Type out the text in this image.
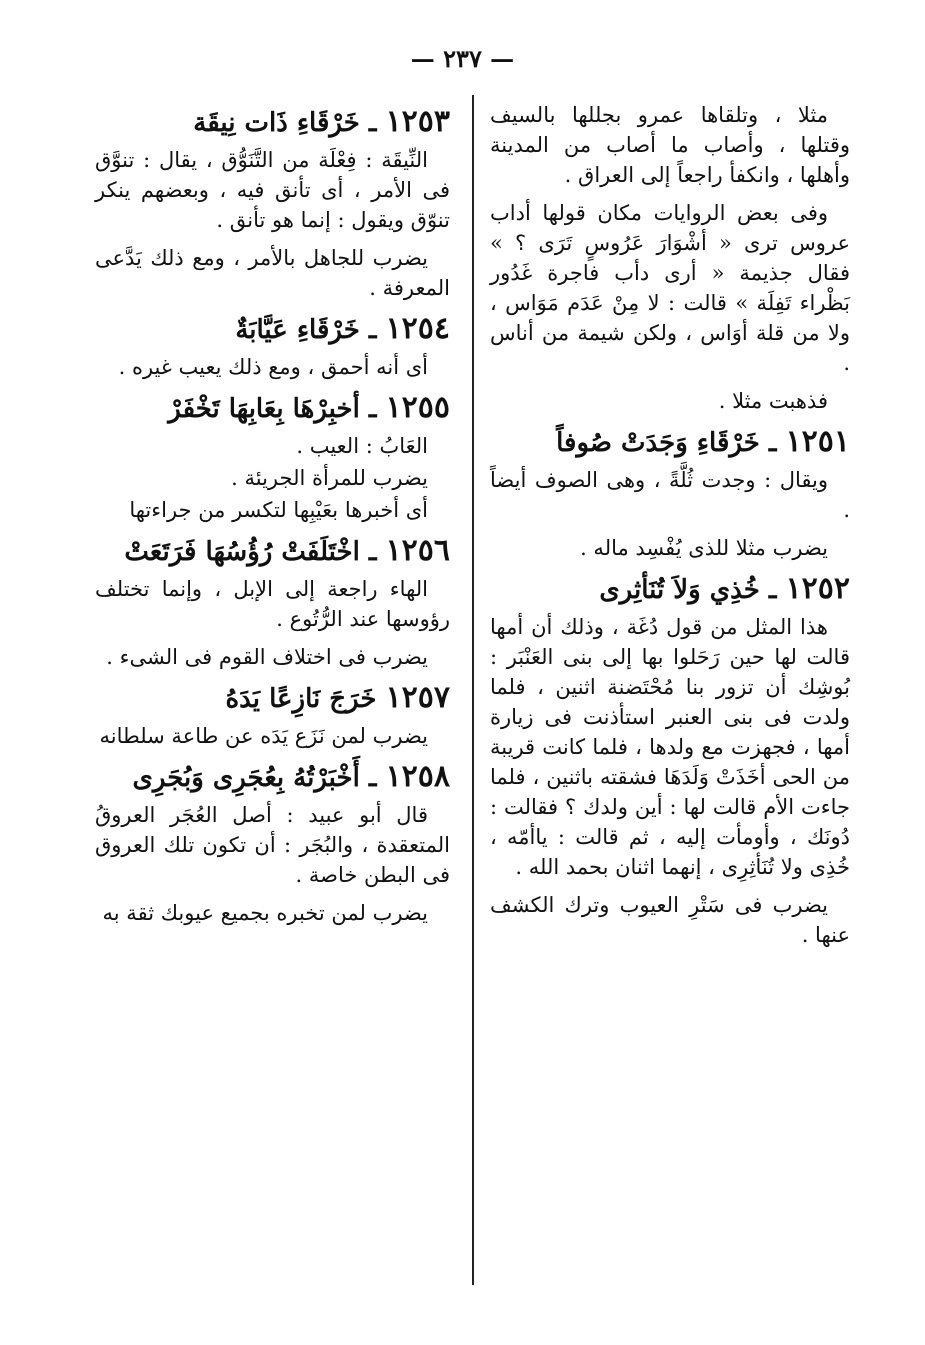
— ٢٣٧ —

مثلا ، وتلقاها عمرو بجللها بالسيف وقتلها ، وأصاب ما أصاب من المدينة وأهلها ، وانكفأ راجعاً إلى العراق .

وفى بعض الروايات مكان قولها أداب عروس ترى « أشْوَارَ عَرُوسٍ تَرَى ؟ » فقال جذيمة « أرى دأب فاجرة غَدُور بَظْراء تَفِلَة » قالت : لا مِنْ عَدَم مَوَاس ، ولا من قلة أوَاس ، ولكن شيمة من أناس .

فذهبت مثلا .

١٢٥١ ـ خَرْقَاءِ وَجَدَتْ صُوفاً

ويقال : وجدت ثُلَّةً ، وهى الصوف أيضاً .

يضرب مثلا للذى يُفْسِد ماله .

١٢٥٢ ـ خُذِي وَلاَ تُنَأثِرى

هذا المثل من قول دُغَة ، وذلك أن أمها قالت لها حين رَحَلوا بها إلى بنى العَنْبَر : بُوشِك أن تزور بنا مُحْتَضنة اثنين ، فلما ولدت فى بنى العنبر استأذنت فى زيارة أمها ، فجهزت مع ولدها ، فلما كانت قريبة من الحى أخَذَتْ وَلَدَهَا فشقته باثنين ، فلما جاءت الأم قالت لها : أين ولدك ؟ فقالت : دُونَك ، وأومأت إليه ، ثم قالت : ياأمّه ، خُذِى ولا تُنَأثِرِى ، إنهما اثنان بحمد الله .

يضرب فى سَتْرِ العيوب وترك الكشف عنها .

١٢٥٣ ـ خَرْقَاءِ ذَات نِيقَة

النِّيقَة : فِعْلَة من التَّنَوُّق ، يقال : تنوَّق فى الأمر ، أى تأنق فيه ، وبعضهم ينكر تنوّق ويقول : إنما هو تأنق .

يضرب للجاهل بالأمر ، ومع ذلك يَدَّعى المعرفة .

١٢٥٤ ـ خَرْقَاءِ عَيَّابَةٌ

أى أنه أحمق ، ومع ذلك يعيب غيره .

١٢٥٥ ـ أخبِرْهَا بِعَابِهَا تَخْفَرْ

العَابُ : العيب .

يضرب للمرأة الجريئة .

أى أخبرها بعَيْبِها لتكسر من جراءتها

١٢٥٦ ـ اخْتَلَفَتْ رُؤُسُهَا فَرَتَعَتْ

الهاء راجعة إلى الإبل ، وإنما تختلف رؤوسها عند الرُّتُوع .

يضرب فى اختلاف القوم فى الشىء .

١٢٥٧ خَرَجَ نَازِعًا يَدَهُ

يضرب لمن نَزَع يَدَه عن طاعة سلطانه

١٢٥٨ ـ أَخْبَرْتُهُ بِعُجَرِى وَبُجَرِى

قال أبو عبيد : أصل العُجَر العروقُ المتعقدة ، والبُجَر : أن تكون تلك العروق فى البطن خاصة .

يضرب لمن تخبره بجميع عيوبك ثقة به
